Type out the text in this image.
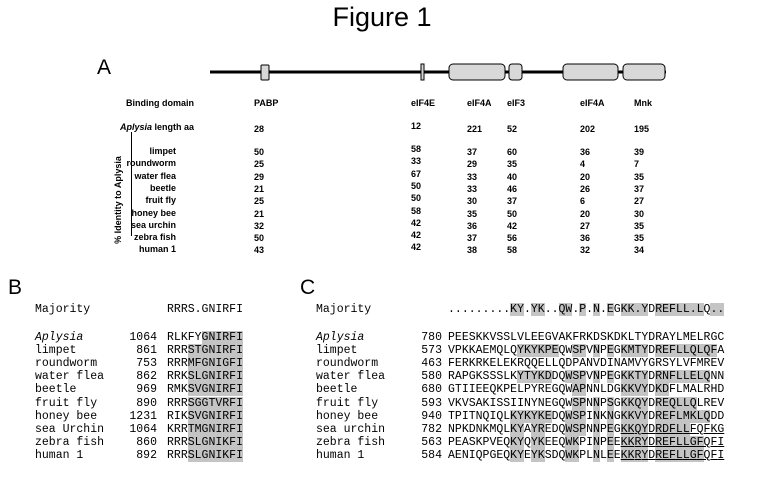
Figure 1
A
Binding domain
Aplysia length aa
% Identity to Aplysia
PABP	eIF4E	eIF4A eIF3	eIF4A	Mnk
28	12	221	52	202	195
limpet	50	58	37	60	36	39
roundworm	25	33	29	35	4	7
water flea	29	67	33	40	20	35
beetle	21	50	33	46	26	37
fruit fly	25	50	30	37	6	27
honey bee	21	58	35	50	20	30
sea urchin	32	42	36	42	27	35
zebra fish	50	42	37	56	36	35
human 1	43	42	38	58	32	34
B
Majority	RRRS.GNIRFI
Aplysia	1064 RLKFYGNIRFI
limpet	861 RRRSTGNIRFI
roundworm	753 RRRMFGNIGFI
water flea	862 RRKSLGNIRFI
beetle	969 RMKSVGNIRFI
fruit fly	890 RRRSGGTVRFI
honey bee	1231 RIKSVGNIRFI
sea Urchin	1064 KRRTMGNIRFI
zebra fish	860 RRRSLGNIKFI
human 1	892 RRRSLGNIKFI
C
Majority	.........KY.YK..QW.P.N.EGKK.YDREFLL.LQ..
Aplysia	780 PEESKKVSSLVLEEGVAKFRKDSKDKLTYDRAYLMELRGC
limpet	573 VPKKAEMQLQYKYKPEQWSPVNPEGKMTYDREFLLQLQFA
roundworm	463 FERKRKELEKRQQELLQDPANVDINAMVYGRSYLVFMREV
water flea	580 RAPGKSSSLKYTYKDDQWSPVNPEGKKTYDRNFLLELQNN
beetle	680 GTIIEEQKPELPYREGQWAPNNLDGKKVYDKDFLMALRHD
fruit fly	593 VKVSAKISSIINYNEGQWSPNNPSGKKQYDREQLLQLREV
honey bee	940 TPITNQIQLKYKYKEDQWSPINKNGKKVYDREFLMKLQDD
sea urchin	782 NPKDNKMQLKYAYREDQWSPNNPEGKKQYDRDFLLFQFKG
zebra fish	563 PEASKPVEQKYQYKEEQWKPINPEEKKRYDREFLLGFQFI
human 1	584 AENIQPGEQKYEYKSDQWKPLNLEEKKRYDREFLLGFQFI
